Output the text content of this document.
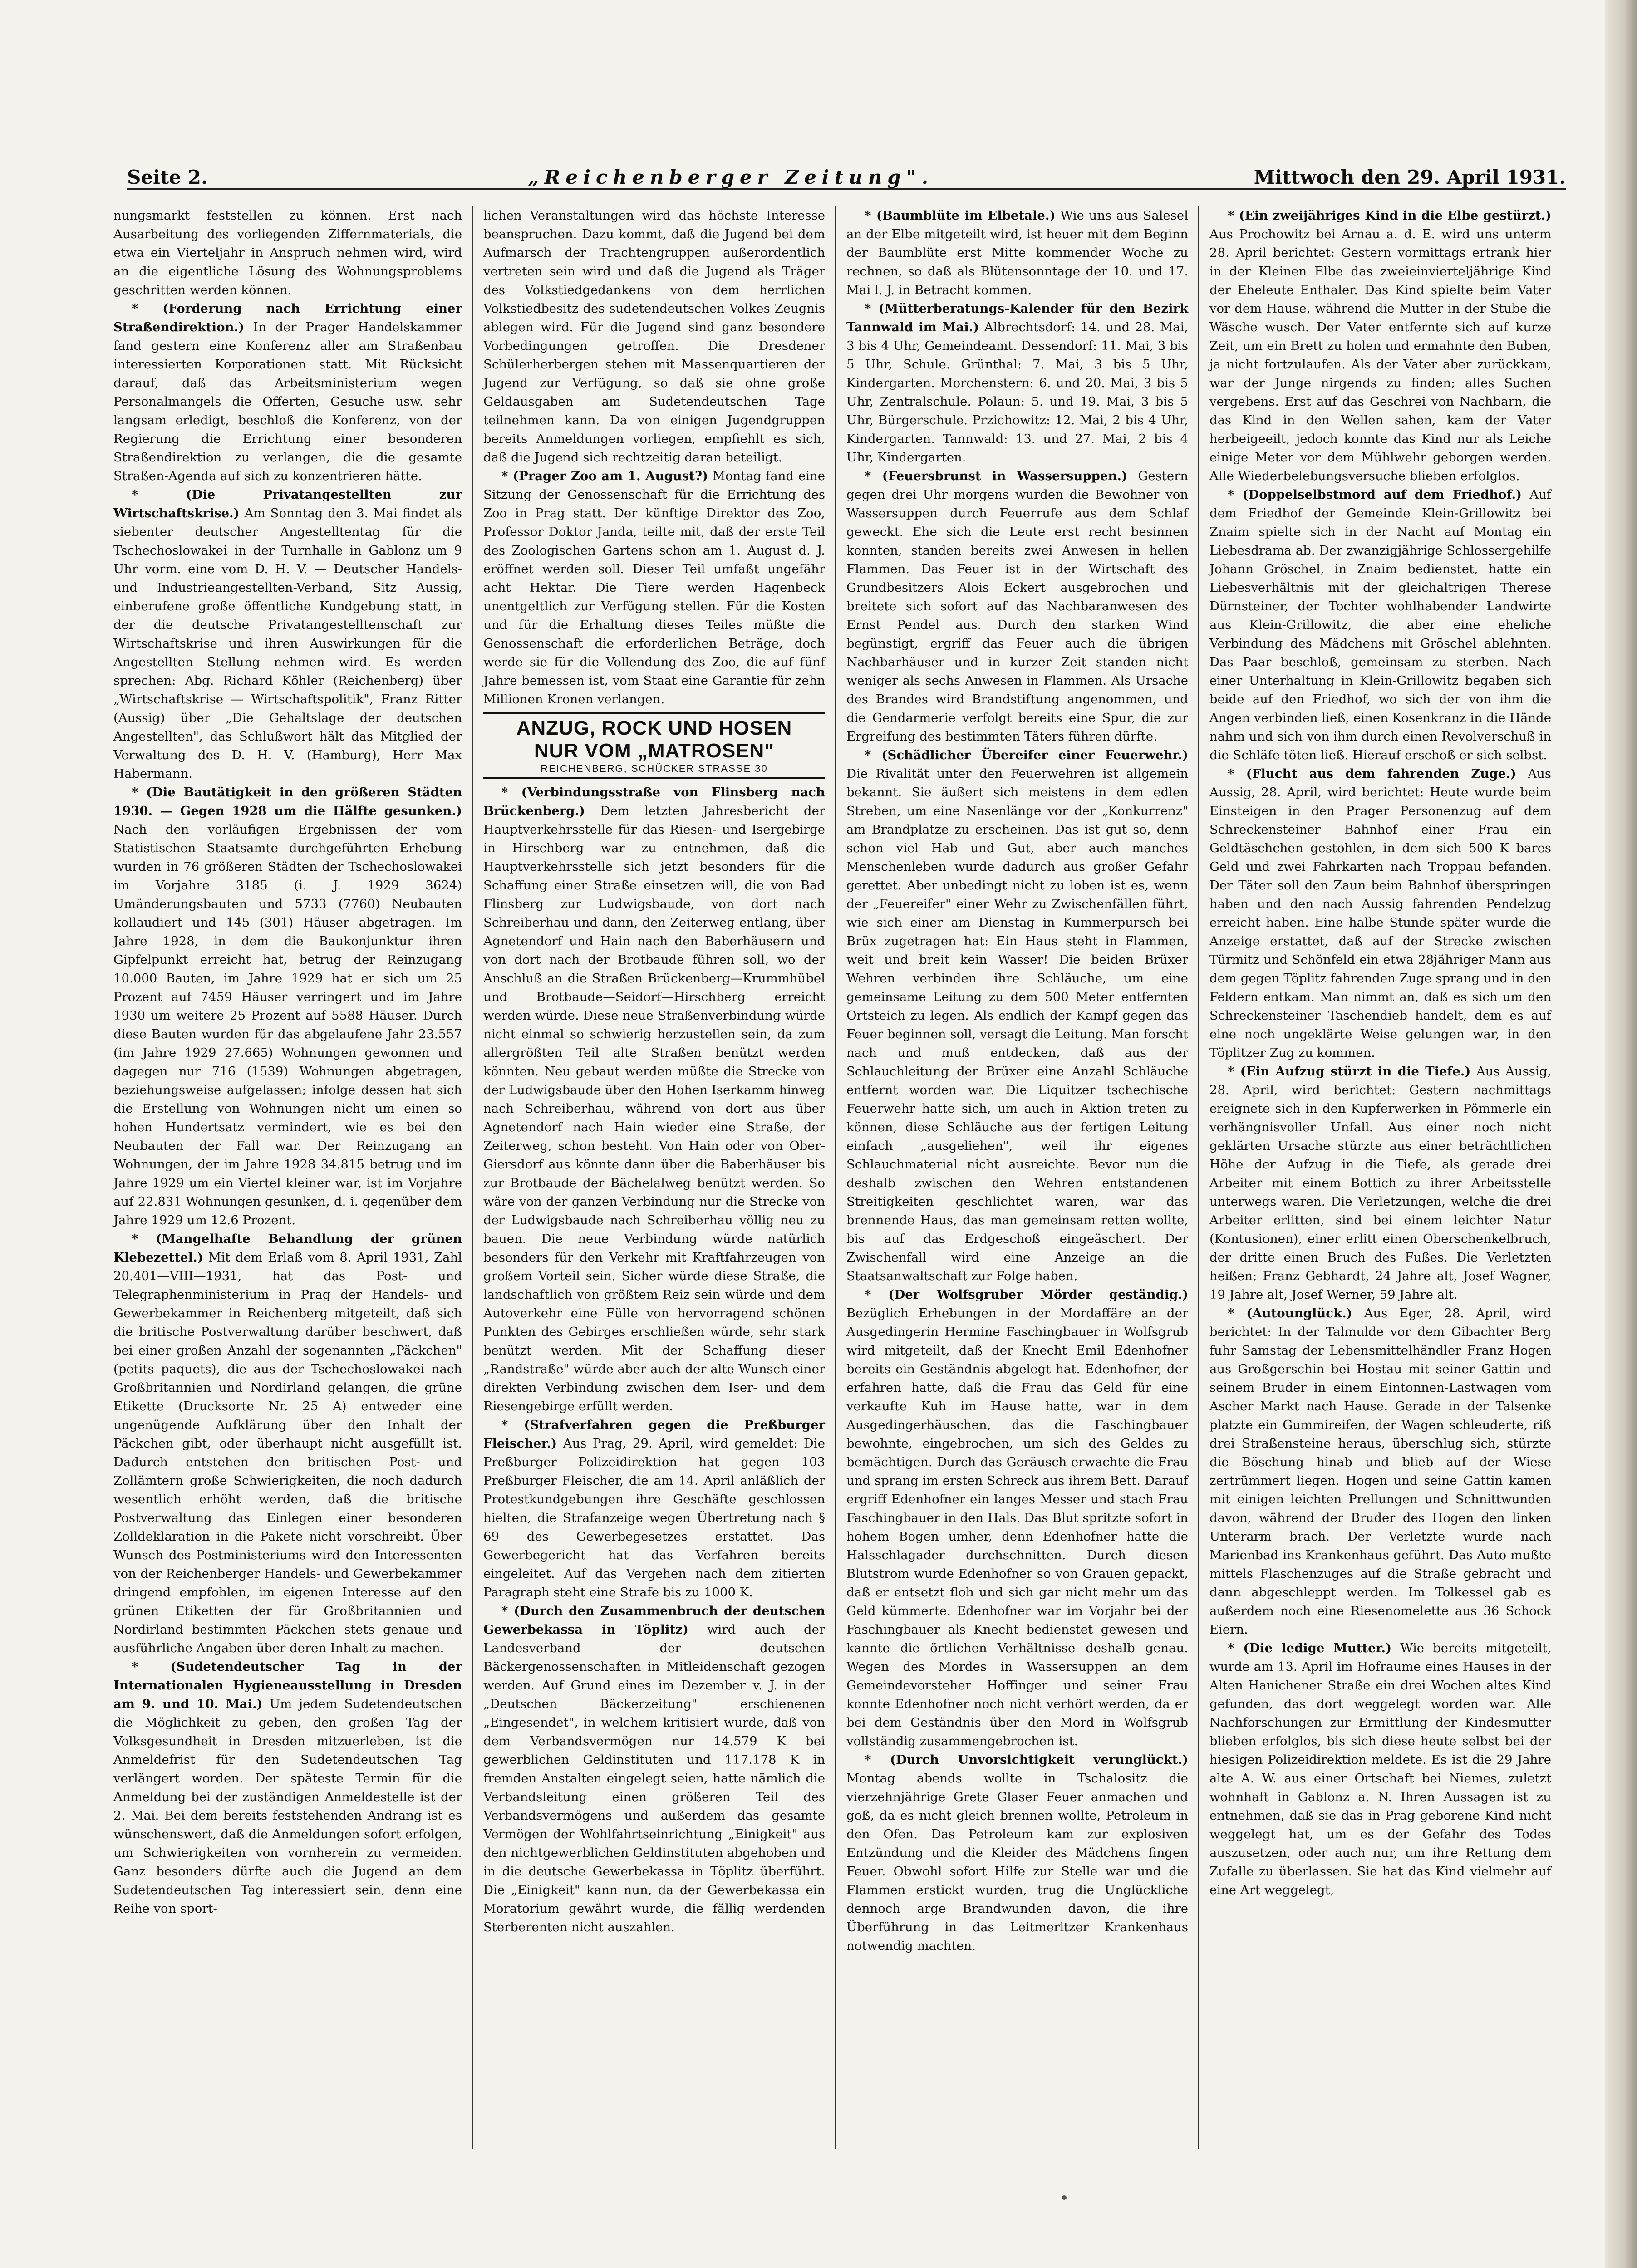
Seite 2.	„Reichenberger Zeitung".	Mittwoch den 29. April 1931.

nungsmarkt feststellen zu können. Erst nach Ausarbeitung des vorliegenden Ziffernmaterials, die etwa ein Vierteljahr in Anspruch nehmen wird, wird an die eigentliche Lösung des Wohnungsproblems geschritten werden können.

* (Forderung nach Errichtung einer Straßendirektion.) In der Prager Handelskammer fand gestern eine Konferenz aller am Straßenbau interessierten Korporationen statt. Mit Rücksicht darauf, daß das Arbeitsministerium wegen Personalmangels die Offerten, Gesuche usw. sehr langsam erledigt, beschloß die Konferenz, von der Regierung die Errichtung einer besonderen Straßendirektion zu verlangen, die die gesamte Straßen-Agenda auf sich zu konzentrieren hätte.

* (Die Privatangestellten zur Wirtschaftskrise.) Am Sonntag den 3. Mai findet als siebenter deutscher Angestelltentag für die Tschechoslowakei in der Turnhalle in Gablonz um 9 Uhr vorm. eine vom D. H. V. — Deutscher Handels- und Industrieangestellten-Verband, Sitz Aussig, einberufene große öffentliche Kundgebung statt, in der die deutsche Privatangestelltenschaft zur Wirtschaftskrise und ihren Auswirkungen für die Angestellten Stellung nehmen wird. Es werden sprechen: Abg. Richard Köhler (Reichenberg) über „Wirtschaftskrise — Wirtschaftspolitik", Franz Ritter (Aussig) über „Die Gehaltslage der deutschen Angestellten", das Schlußwort hält das Mitglied der Verwaltung des D. H. V. (Hamburg), Herr Max Habermann.

* (Die Bautätigkeit in den größeren Städten 1930. — Gegen 1928 um die Hälfte gesunken.) Nach den vorläufigen Ergebnissen der vom Statistischen Staatsamte durchgeführten Erhebung wurden in 76 größeren Städten der Tschechoslowakei im Vorjahre 3185 (i. J. 1929 3624) Umänderungsbauten und 5733 (7760) Neubauten kollaudiert und 145 (301) Häuser abgetragen. Im Jahre 1928, in dem die Baukonjunktur ihren Gipfelpunkt erreicht hat, betrug der Reinzugang 10.000 Bauten, im Jahre 1929 hat er sich um 25 Prozent auf 7459 Häuser verringert und im Jahre 1930 um weitere 25 Prozent auf 5588 Häuser. Durch diese Bauten wurden für das abgelaufene Jahr 23.557 (im Jahre 1929 27.665) Wohnungen gewonnen und dagegen nur 716 (1539) Wohnungen abgetragen, beziehungsweise aufgelassen; infolge dessen hat sich die Erstellung von Wohnungen nicht um einen so hohen Hundertsatz vermindert, wie es bei den Neubauten der Fall war. Der Reinzugang an Wohnungen, der im Jahre 1928 34.815 betrug und im Jahre 1929 um ein Viertel kleiner war, ist im Vorjahre auf 22.831 Wohnungen gesunken, d. i. gegenüber dem Jahre 1929 um 12.6 Prozent.

* (Mangelhafte Behandlung der grünen Klebezettel.) Mit dem Erlaß vom 8. April 1931, Zahl 20.401—VIII—1931, hat das Post- und Telegraphenministerium in Prag der Handels- und Gewerbekammer in Reichenberg mitgeteilt, daß sich die britische Postverwaltung darüber beschwert, daß bei einer großen Anzahl der sogenannten „Päckchen" (petits paquets), die aus der Tschechoslowakei nach Großbritannien und Nordirland gelangen, die grüne Etikette (Drucksorte Nr. 25 A) entweder eine ungenügende Aufklärung über den Inhalt der Päckchen gibt, oder überhaupt nicht ausgefüllt ist. Dadurch entstehen den britischen Post- und Zollämtern große Schwierigkeiten, die noch dadurch wesentlich erhöht werden, daß die britische Postverwaltung das Einlegen einer besonderen Zolldeklaration in die Pakete nicht vorschreibt. Über Wunsch des Postministeriums wird den Interessenten von der Reichenberger Handels- und Gewerbekammer dringend empfohlen, im eigenen Interesse auf den grünen Etiketten der für Großbritannien und Nordirland bestimmten Päckchen stets genaue und ausführliche Angaben über deren Inhalt zu machen.

* (Sudetendeutscher Tag in der Internationalen Hygieneausstellung in Dresden am 9. und 10. Mai.) Um jedem Sudetendeutschen die Möglichkeit zu geben, den großen Tag der Volksgesundheit in Dresden mitzuerleben, ist die Anmeldefrist für den Sudetendeutschen Tag verlängert worden. Der späteste Termin für die Anmeldung bei der zuständigen Anmeldestelle ist der 2. Mai. Bei dem bereits feststehenden Andrang ist es wünschenswert, daß die Anmeldungen sofort erfolgen, um Schwierigkeiten von vornherein zu vermeiden. Ganz besonders dürfte auch die Jugend an dem Sudetendeutschen Tag interessiert sein, denn eine Reihe von sport-

lichen Veranstaltungen wird das höchste Interesse beanspruchen. Dazu kommt, daß die Jugend bei dem Aufmarsch der Trachtengruppen außerordentlich vertreten sein wird und daß die Jugend als Träger des Volkstiedgedankens von dem herrlichen Volkstiedbesitz des sudetendeutschen Volkes Zeugnis ablegen wird. Für die Jugend sind ganz besondere Vorbedingungen getroffen. Die Dresdener Schülerherbergen stehen mit Massenquartieren der Jugend zur Verfügung, so daß sie ohne große Geldausgaben am Sudetendeutschen Tage teilnehmen kann. Da von einigen Jugendgruppen bereits Anmeldungen vorliegen, empfiehlt es sich, daß die Jugend sich rechtzeitig daran beteiligt.

* (Prager Zoo am 1. August?) Montag fand eine Sitzung der Genossenschaft für die Errichtung des Zoo in Prag statt. Der künftige Direktor des Zoo, Professor Doktor Janda, teilte mit, daß der erste Teil des Zoologischen Gartens schon am 1. August d. J. eröffnet werden soll. Dieser Teil umfaßt ungefähr acht Hektar. Die Tiere werden Hagenbeck unentgeltlich zur Verfügung stellen. Für die Kosten und für die Erhaltung dieses Teiles müßte die Genossenschaft die erforderlichen Beträge, doch werde sie für die Vollendung des Zoo, die auf fünf Jahre bemessen ist, vom Staat eine Garantie für zehn Millionen Kronen verlangen.

ANZUG, ROCK UND HOSEN
NUR VOM „MATROSEN"
REICHENBERG, SCHÜCKER STRASSE 30

* (Verbindungsstraße von Flinsberg nach Brückenberg.) Dem letzten Jahresbericht der Hauptverkehrsstelle für das Riesen- und Isergebirge in Hirschberg war zu entnehmen, daß die Hauptverkehrsstelle sich jetzt besonders für die Schaffung einer Straße einsetzen will, die von Bad Flinsberg zur Ludwigsbaude, von dort nach Schreiberhau und dann, den Zeiterweg entlang, über Agnetendorf und Hain nach den Baberhäusern und von dort nach der Brotbaude führen soll, wo der Anschluß an die Straßen Brückenberg—Krummhübel und Brotbaude—Seidorf—Hirschberg erreicht werden würde. Diese neue Straßenverbindung würde nicht einmal so schwierig herzustellen sein, da zum allergrößten Teil alte Straßen benützt werden könnten. Neu gebaut werden müßte die Strecke von der Ludwigsbaude über den Hohen Iserkamm hinweg nach Schreiberhau, während von dort aus über Agnetendorf nach Hain wieder eine Straße, der Zeiterweg, schon besteht. Von Hain oder von Ober-Giersdorf aus könnte dann über die Baberhäuser bis zur Brotbaude der Bächelalweg benützt werden. So wäre von der ganzen Verbindung nur die Strecke von der Ludwigsbaude nach Schreiberhau völlig neu zu bauen. Die neue Verbindung würde natürlich besonders für den Verkehr mit Kraftfahrzeugen von großem Vorteil sein. Sicher würde diese Straße, die landschaftlich von größtem Reiz sein würde und dem Autoverkehr eine Fülle von hervorragend schönen Punkten des Gebirges erschließen würde, sehr stark benützt werden. Mit der Schaffung dieser „Randstraße" würde aber auch der alte Wunsch einer direkten Verbindung zwischen dem Iser- und dem Riesengebirge erfüllt werden.

* (Strafverfahren gegen die Preßburger Fleischer.) Aus Prag, 29. April, wird gemeldet: Die Preßburger Polizeidirektion hat gegen 103 Preßburger Fleischer, die am 14. April anläßlich der Protestkundgebungen ihre Geschäfte geschlossen hielten, die Strafanzeige wegen Übertretung nach § 69 des Gewerbegesetzes erstattet. Das Gewerbegericht hat das Verfahren bereits eingeleitet. Auf das Vergehen nach dem zitierten Paragraph steht eine Strafe bis zu 1000 K.

* (Durch den Zusammenbruch der deutschen Gewerbekassa in Töplitz) wird auch der Landesverband der deutschen Bäckergenossenschaften in Mitleidenschaft gezogen werden. Auf Grund eines im Dezember v. J. in der „Deutschen Bäckerzeitung" erschienenen „Eingesendet", in welchem kritisiert wurde, daß von dem Verbandsvermögen nur 14.579 K bei gewerblichen Geldinstituten und 117.178 K in fremden Anstalten eingelegt seien, hatte nämlich die Verbandsleitung einen größeren Teil des Verbandsvermögens und außerdem das gesamte Vermögen der Wohlfahrtseinrichtung „Einigkeit" aus den nichtgewerblichen Geldinstituten abgehoben und in die deutsche Gewerbekassa in Töplitz überführt. Die „Einigkeit" kann nun, da der Gewerbekassa ein Moratorium gewährt wurde, die fällig werdenden Sterberenten nicht auszahlen.

* (Baumblüte im Elbetale.) Wie uns aus Salesel an der Elbe mitgeteilt wird, ist heuer mit dem Beginn der Baumblüte erst Mitte kommender Woche zu rechnen, so daß als Blütensonntage der 10. und 17. Mai l. J. in Betracht kommen.

* (Mütterberatungs-Kalender für den Bezirk Tannwald im Mai.) Albrechtsdorf: 14. und 28. Mai, 3 bis 4 Uhr, Gemeindeamt. Dessendorf: 11. Mai, 3 bis 5 Uhr, Schule. Grünthal: 7. Mai, 3 bis 5 Uhr, Kindergarten. Morchenstern: 6. und 20. Mai, 3 bis 5 Uhr, Zentralschule. Polaun: 5. und 19. Mai, 3 bis 5 Uhr, Bürgerschule. Przichowitz: 12. Mai, 2 bis 4 Uhr, Kindergarten. Tannwald: 13. und 27. Mai, 2 bis 4 Uhr, Kindergarten.

* (Feuersbrunst in Wassersuppen.) Gestern gegen drei Uhr morgens wurden die Bewohner von Wassersuppen durch Feuerrufe aus dem Schlaf geweckt. Ehe sich die Leute erst recht besinnen konnten, standen bereits zwei Anwesen in hellen Flammen. Das Feuer ist in der Wirtschaft des Grundbesitzers Alois Eckert ausgebrochen und breitete sich sofort auf das Nachbaranwesen des Ernst Pendel aus. Durch den starken Wind begünstigt, ergriff das Feuer auch die übrigen Nachbarhäuser und in kurzer Zeit standen nicht weniger als sechs Anwesen in Flammen. Als Ursache des Brandes wird Brandstiftung angenommen, und die Gendarmerie verfolgt bereits eine Spur, die zur Ergreifung des bestimmten Täters führen dürfte.

* (Schädlicher Übereifer einer Feuerwehr.) Die Rivalität unter den Feuerwehren ist allgemein bekannt. Sie äußert sich meistens in dem edlen Streben, um eine Nasenlänge vor der „Konkurrenz" am Brandplatze zu erscheinen. Das ist gut so, denn schon viel Hab und Gut, aber auch manches Menschenleben wurde dadurch aus großer Gefahr gerettet. Aber unbedingt nicht zu loben ist es, wenn der „Feuereifer" einer Wehr zu Zwischenfällen führt, wie sich einer am Dienstag in Kummerpursch bei Brüx zugetragen hat: Ein Haus steht in Flammen, weit und breit kein Wasser! Die beiden Brüxer Wehren verbinden ihre Schläuche, um eine gemeinsame Leitung zu dem 500 Meter entfernten Ortsteich zu legen. Als endlich der Kampf gegen das Feuer beginnen soll, versagt die Leitung. Man forscht nach und muß entdecken, daß aus der Schlauchleitung der Brüxer eine Anzahl Schläuche entfernt worden war. Die Liquitzer tschechische Feuerwehr hatte sich, um auch in Aktion treten zu können, diese Schläuche aus der fertigen Leitung einfach „ausgeliehen", weil ihr eigenes Schlauchmaterial nicht ausreichte. Bevor nun die deshalb zwischen den Wehren entstandenen Streitigkeiten geschlichtet waren, war das brennende Haus, das man gemeinsam retten wollte, bis auf das Erdgeschoß eingeäschert. Der Zwischenfall wird eine Anzeige an die Staatsanwaltschaft zur Folge haben.

* (Der Wolfsgruber Mörder geständig.) Bezüglich Erhebungen in der Mordaffäre an der Ausgedingerin Hermine Faschingbauer in Wolfsgrub wird mitgeteilt, daß der Knecht Emil Edenhofner bereits ein Geständnis abgelegt hat. Edenhofner, der erfahren hatte, daß die Frau das Geld für eine verkaufte Kuh im Hause hatte, war in dem Ausgedingerhäuschen, das die Faschingbauer bewohnte, eingebrochen, um sich des Geldes zu bemächtigen. Durch das Geräusch erwachte die Frau und sprang im ersten Schreck aus ihrem Bett. Darauf ergriff Edenhofner ein langes Messer und stach Frau Faschingbauer in den Hals. Das Blut spritzte sofort in hohem Bogen umher, denn Edenhofner hatte die Halsschlagader durchschnitten. Durch diesen Blutstrom wurde Edenhofner so von Grauen gepackt, daß er entsetzt floh und sich gar nicht mehr um das Geld kümmerte. Edenhofner war im Vorjahr bei der Faschingbauer als Knecht bedienstet gewesen und kannte die örtlichen Verhältnisse deshalb genau. Wegen des Mordes in Wassersuppen an dem Gemeindevorsteher Hoffinger und seiner Frau konnte Edenhofner noch nicht verhört werden, da er bei dem Geständnis über den Mord in Wolfsgrub vollständig zusammengebrochen ist.

* (Durch Unvorsichtigkeit verunglückt.) Montag abends wollte in Tschalositz die vierzehnjährige Grete Glaser Feuer anmachen und goß, da es nicht gleich brennen wollte, Petroleum in den Ofen. Das Petroleum kam zur explosiven Entzündung und die Kleider des Mädchens fingen Feuer. Obwohl sofort Hilfe zur Stelle war und die Flammen erstickt wurden, trug die Unglückliche dennoch arge Brandwunden davon, die ihre Überführung in das Leitmeritzer Krankenhaus notwendig machten.

* (Ein zweijähriges Kind in die Elbe gestürzt.) Aus Prochowitz bei Arnau a. d. E. wird uns unterm 28. April berichtet: Gestern vormittags ertrank hier in der Kleinen Elbe das zweieinvierteljährige Kind der Eheleute Enthaler. Das Kind spielte beim Vater vor dem Hause, während die Mutter in der Stube die Wäsche wusch. Der Vater entfernte sich auf kurze Zeit, um ein Brett zu holen und ermahnte den Buben, ja nicht fortzulaufen. Als der Vater aber zurückkam, war der Junge nirgends zu finden; alles Suchen vergebens. Erst auf das Geschrei von Nachbarn, die das Kind in den Wellen sahen, kam der Vater herbeigeeilt, jedoch konnte das Kind nur als Leiche einige Meter vor dem Mühlwehr geborgen werden. Alle Wiederbelebungsversuche blieben erfolglos.

* (Doppelselbstmord auf dem Friedhof.) Auf dem Friedhof der Gemeinde Klein-Grillowitz bei Znaim spielte sich in der Nacht auf Montag ein Liebesdrama ab. Der zwanzigjährige Schlossergehilfe Johann Gröschel, in Znaim bedienstet, hatte ein Liebesverhältnis mit der gleichaltrigen Therese Dürnsteiner, der Tochter wohlhabender Landwirte aus Klein-Grillowitz, die aber eine eheliche Verbindung des Mädchens mit Gröschel ablehnten. Das Paar beschloß, gemeinsam zu sterben. Nach einer Unterhaltung in Klein-Grillowitz begaben sich beide auf den Friedhof, wo sich der von ihm die Angen verbinden ließ, einen Kosenkranz in die Hände nahm und sich von ihm durch einen Revolverschuß in die Schläfe töten ließ. Hierauf erschoß er sich selbst.

* (Flucht aus dem fahrenden Zuge.) Aus Aussig, 28. April, wird berichtet: Heute wurde beim Einsteigen in den Prager Personenzug auf dem Schreckensteiner Bahnhof einer Frau ein Geldtäschchen gestohlen, in dem sich 500 K bares Geld und zwei Fahrkarten nach Troppau befanden. Der Täter soll den Zaun beim Bahnhof überspringen haben und den nach Aussig fahrenden Pendelzug erreicht haben. Eine halbe Stunde später wurde die Anzeige erstattet, daß auf der Strecke zwischen Türmitz und Schönfeld ein etwa 28jähriger Mann aus dem gegen Töplitz fahrenden Zuge sprang und in den Feldern entkam. Man nimmt an, daß es sich um den Schreckensteiner Taschendieb handelt, dem es auf eine noch ungeklärte Weise gelungen war, in den Töplitzer Zug zu kommen.

* (Ein Aufzug stürzt in die Tiefe.) Aus Aussig, 28. April, wird berichtet: Gestern nachmittags ereignete sich in den Kupferwerken in Pömmerle ein verhängnisvoller Unfall. Aus einer noch nicht geklärten Ursache stürzte aus einer beträchtlichen Höhe der Aufzug in die Tiefe, als gerade drei Arbeiter mit einem Bottich zu ihrer Arbeitsstelle unterwegs waren. Die Verletzungen, welche die drei Arbeiter erlitten, sind bei einem leichter Natur (Kontusionen), einer erlitt einen Oberschenkelbruch, der dritte einen Bruch des Fußes. Die Verletzten heißen: Franz Gebhardt, 24 Jahre alt, Josef Wagner, 19 Jahre alt, Josef Werner, 59 Jahre alt.

* (Autounglück.) Aus Eger, 28. April, wird berichtet: In der Talmulde vor dem Gibachter Berg fuhr Samstag der Lebensmittelhändler Franz Hogen aus Großgerschin bei Hostau mit seiner Gattin und seinem Bruder in einem Eintonnen-Lastwagen vom Ascher Markt nach Hause. Gerade in der Talsenke platzte ein Gummireifen, der Wagen schleuderte, riß drei Straßensteine heraus, überschlug sich, stürzte die Böschung hinab und blieb auf der Wiese zertrümmert liegen. Hogen und seine Gattin kamen mit einigen leichten Prellungen und Schnittwunden davon, während der Bruder des Hogen den linken Unterarm brach. Der Verletzte wurde nach Marienbad ins Krankenhaus geführt. Das Auto mußte mittels Flaschenzuges auf die Straße gebracht und dann abgeschleppt werden. Im Tolkessel gab es außerdem noch eine Riesenomelette aus 36 Schock Eiern.

* (Die ledige Mutter.) Wie bereits mitgeteilt, wurde am 13. April im Hofraume eines Hauses in der Alten Hanichener Straße ein drei Wochen altes Kind gefunden, das dort weggelegt worden war. Alle Nachforschungen zur Ermittlung der Kindesmutter blieben erfolglos, bis sich diese heute selbst bei der hiesigen Polizeidirektion meldete. Es ist die 29 Jahre alte A. W. aus einer Ortschaft bei Niemes, zuletzt wohnhaft in Gablonz a. N. Ihren Aussagen ist zu entnehmen, daß sie das in Prag geborene Kind nicht weggelegt hat, um es der Gefahr des Todes auszusetzen, oder auch nur, um ihre Rettung dem Zufalle zu überlassen. Sie hat das Kind vielmehr auf eine Art weggelegt,
